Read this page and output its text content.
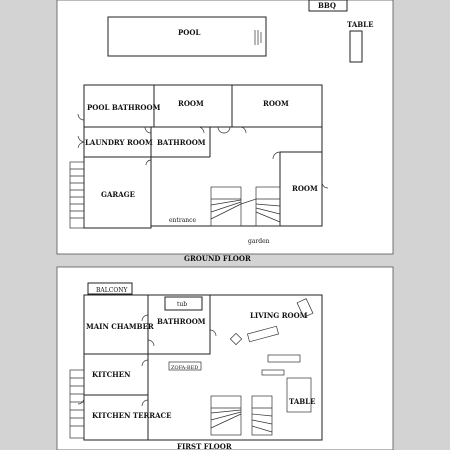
POOL
BBQ
TABLE
POOL BATHROOM	ROOM	ROOM
LAUNDRY ROOM BATHROOM
GARAGE
ROOM
entrance
garden
GROUND FLOOR
BALCONY
tub
ZOFA-BED
MAIN CHAMBER
BATHROOM
LIVING ROOM
KITCHEN
KITCHEN TERRACE
TABLE
FIRST FLOOR
